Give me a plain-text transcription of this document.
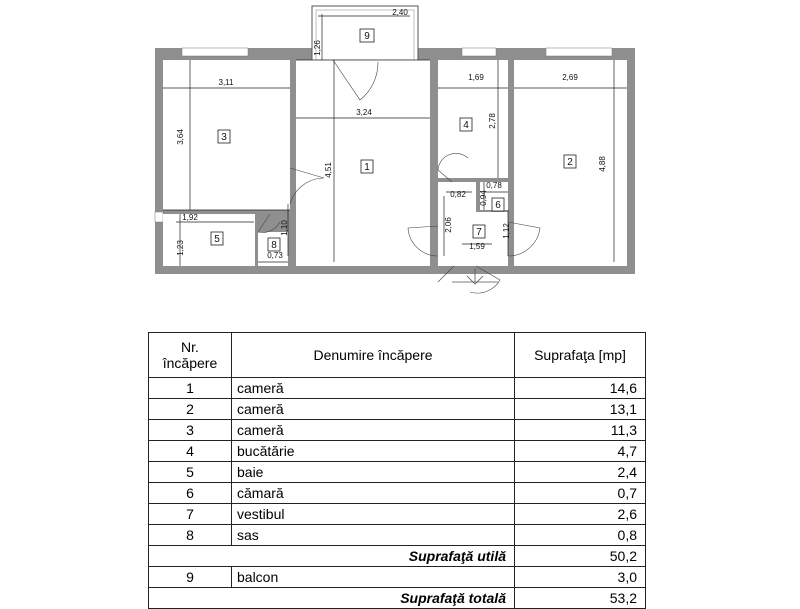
3
1
4
2
5
8
6
7
9
2,40
1,26
3,11
3,64
3,24
4,51
1,69
2,78
2,69
4,88
0,82
0,78
0,94
2,06	1,12
1,59
1,92
1,23
1,10
0,73
Nr.
încăpere	Denumire încăpere	Suprafaţa [mp]
1	cameră	14,6
2	cameră	13,1
3	cameră	11,3
4	bucătărie	4,7
5	baie	2,4
6	cămară	0,7
7	vestibul	2,6
8	sas	0,8
Suprafaţă utilă		50,2
9	balcon	3,0
Suprafaţă totală		53,2
